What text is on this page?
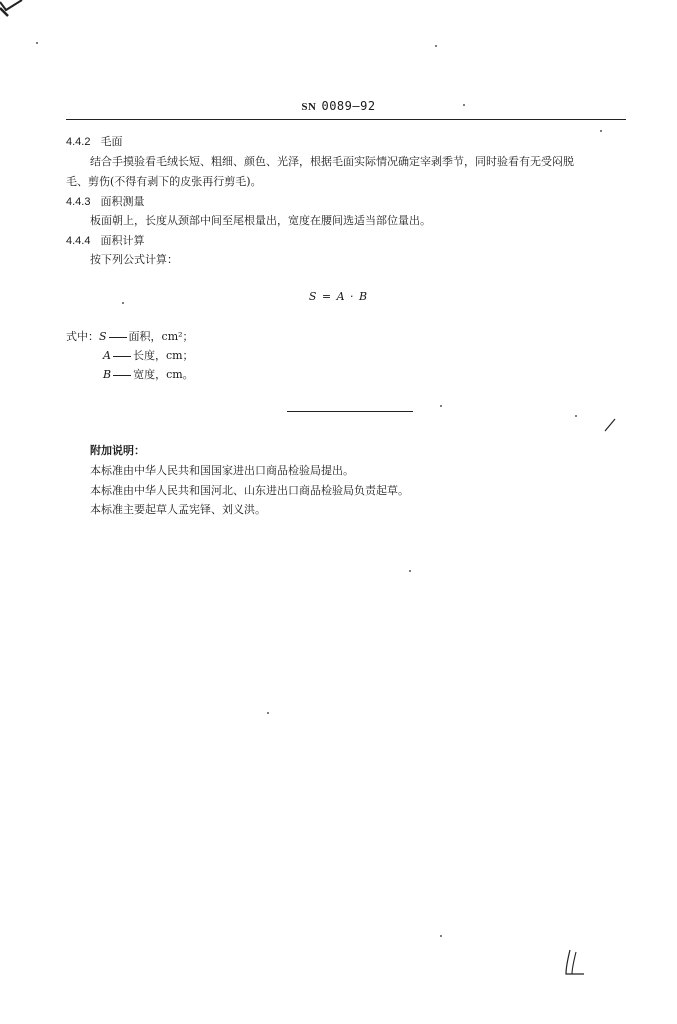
SN 0089—92
4.4.2 毛面
结合手摸验看毛绒长短、粗细、颜色、光泽，根据毛面实际情况确定宰剥季节，同时验看有无受闷脱
毛、剪伤(不得有剥下的皮张再行剪毛)。
4.4.3 面积测量
板面朝上，长度从颈部中间至尾根量出，宽度在腰间选适当部位量出。
4.4.4 面积计算
按下列公式计算：
S = A · B
式中：S 面积，cm²；
A 长度，cm；
B 宽度，cm。
附加说明：
本标准由中华人民共和国国家进出口商品检验局提出。
本标准由中华人民共和国河北、山东进出口商品检验局负责起草。
本标准主要起草人孟宪铎、刘义洪。
